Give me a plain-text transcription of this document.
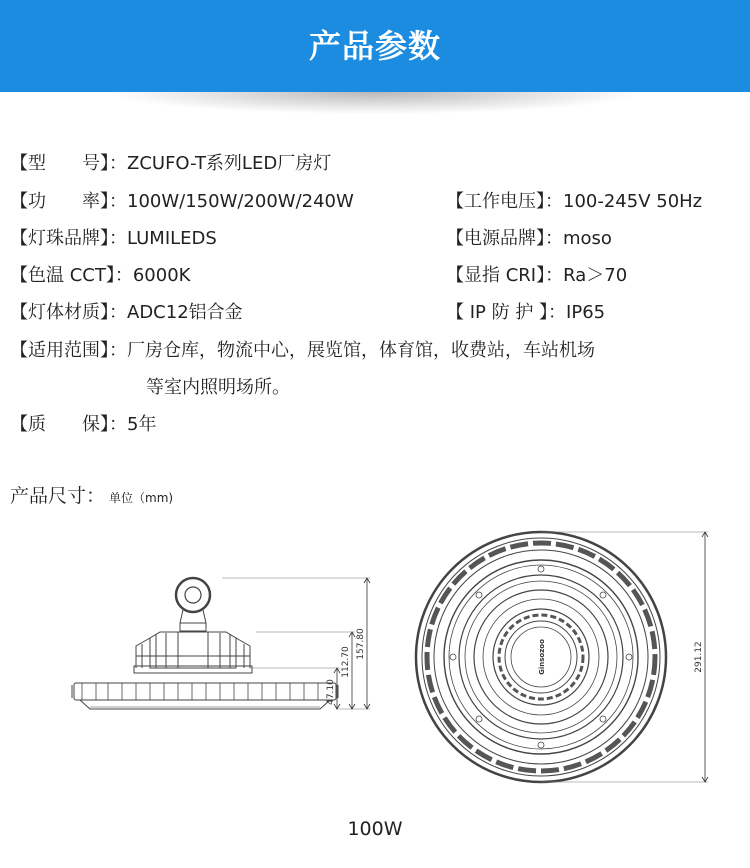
产品参数
【型　　号】：ZCUFO-T系列LED厂房灯
【功　　率】：100W/150W/200W/240W	【工作电压】：100-245V 50Hz
【灯珠品牌】：LUMILEDS	【电源品牌】：moso
【色温 CCT】：6000K	【显指 CRI】：Ra＞70
【灯体材质】：ADC12铝合金	【 IP 防 护 】：IP65
【适用范围】：厂房仓库，物流中心，展览馆，体育馆，收费站，车站机场
等室内照明场所。
【质　　保】：5年
产品尺寸： 单位（mm)
157.80
112.70
47.10
291.12
Ginsozoo
100W
